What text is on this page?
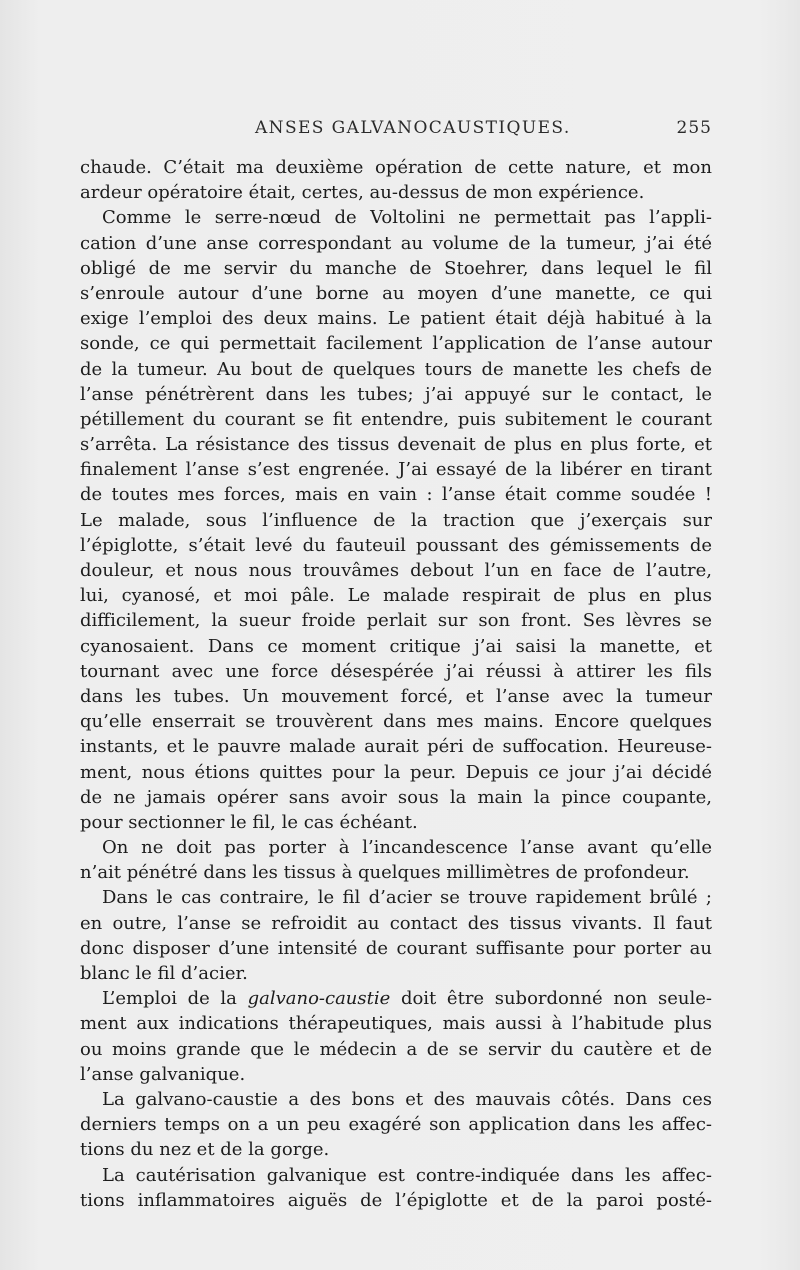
ANSES GALVANOCAUSTIQUES.	255
chaude. C’était ma deuxième opération de cette nature, et mon
ardeur opératoire était, certes, au-dessus de mon expérience.
Comme le serre-nœud de Voltolini ne permettait pas l’appli-
cation d’une anse correspondant au volume de la tumeur, j’ai été
obligé de me servir du manche de Stoehrer, dans lequel le fil
s’enroule autour d’une borne au moyen d’une manette, ce qui
exige l’emploi des deux mains. Le patient était déjà habitué à la
sonde, ce qui permettait facilement l’application de l’anse autour
de la tumeur. Au bout de quelques tours de manette les chefs de
l’anse pénétrèrent dans les tubes; j’ai appuyé sur le contact, le
pétillement du courant se fit entendre, puis subitement le courant
s’arrêta. La résistance des tissus devenait de plus en plus forte, et
finalement l’anse s’est engrenée. J’ai essayé de la libérer en tirant
de toutes mes forces, mais en vain : l’anse était comme soudée !
Le malade, sous l’influence de la traction que j’exerçais sur
l’épiglotte, s’était levé du fauteuil poussant des gémissements de
douleur, et nous nous trouvâmes debout l’un en face de l’autre,
lui, cyanosé, et moi pâle. Le malade respirait de plus en plus
difficilement, la sueur froide perlait sur son front. Ses lèvres se
cyanosaient. Dans ce moment critique j’ai saisi la manette, et
tournant avec une force désespérée j’ai réussi à attirer les fils
dans les tubes. Un mouvement forcé, et l’anse avec la tumeur
qu’elle enserrait se trouvèrent dans mes mains. Encore quelques
instants, et le pauvre malade aurait péri de suffocation. Heureuse-
ment, nous étions quittes pour la peur. Depuis ce jour j’ai décidé
de ne jamais opérer sans avoir sous la main la pince coupante,
pour sectionner le fil, le cas échéant.
On ne doit pas porter à l’incandescence l’anse avant qu’elle
n’ait pénétré dans les tissus à quelques millimètres de profondeur.
Dans le cas contraire, le fil d’acier se trouve rapidement brûlé ;
en outre, l’anse se refroidit au contact des tissus vivants. Il faut
donc disposer d’une intensité de courant suffisante pour porter au
blanc le fil d’acier.
L’emploi de la galvano-caustie doit être subordonné non seule-
ment aux indications thérapeutiques, mais aussi à l’habitude plus
ou moins grande que le médecin a de se servir du cautère et de
l’anse galvanique.
La galvano-caustie a des bons et des mauvais côtés. Dans ces
derniers temps on a un peu exagéré son application dans les affec-
tions du nez et de la gorge.
La cautérisation galvanique est contre-indiquée dans les affec-
tions inflammatoires aiguës de l’épiglotte et de la paroi posté-
